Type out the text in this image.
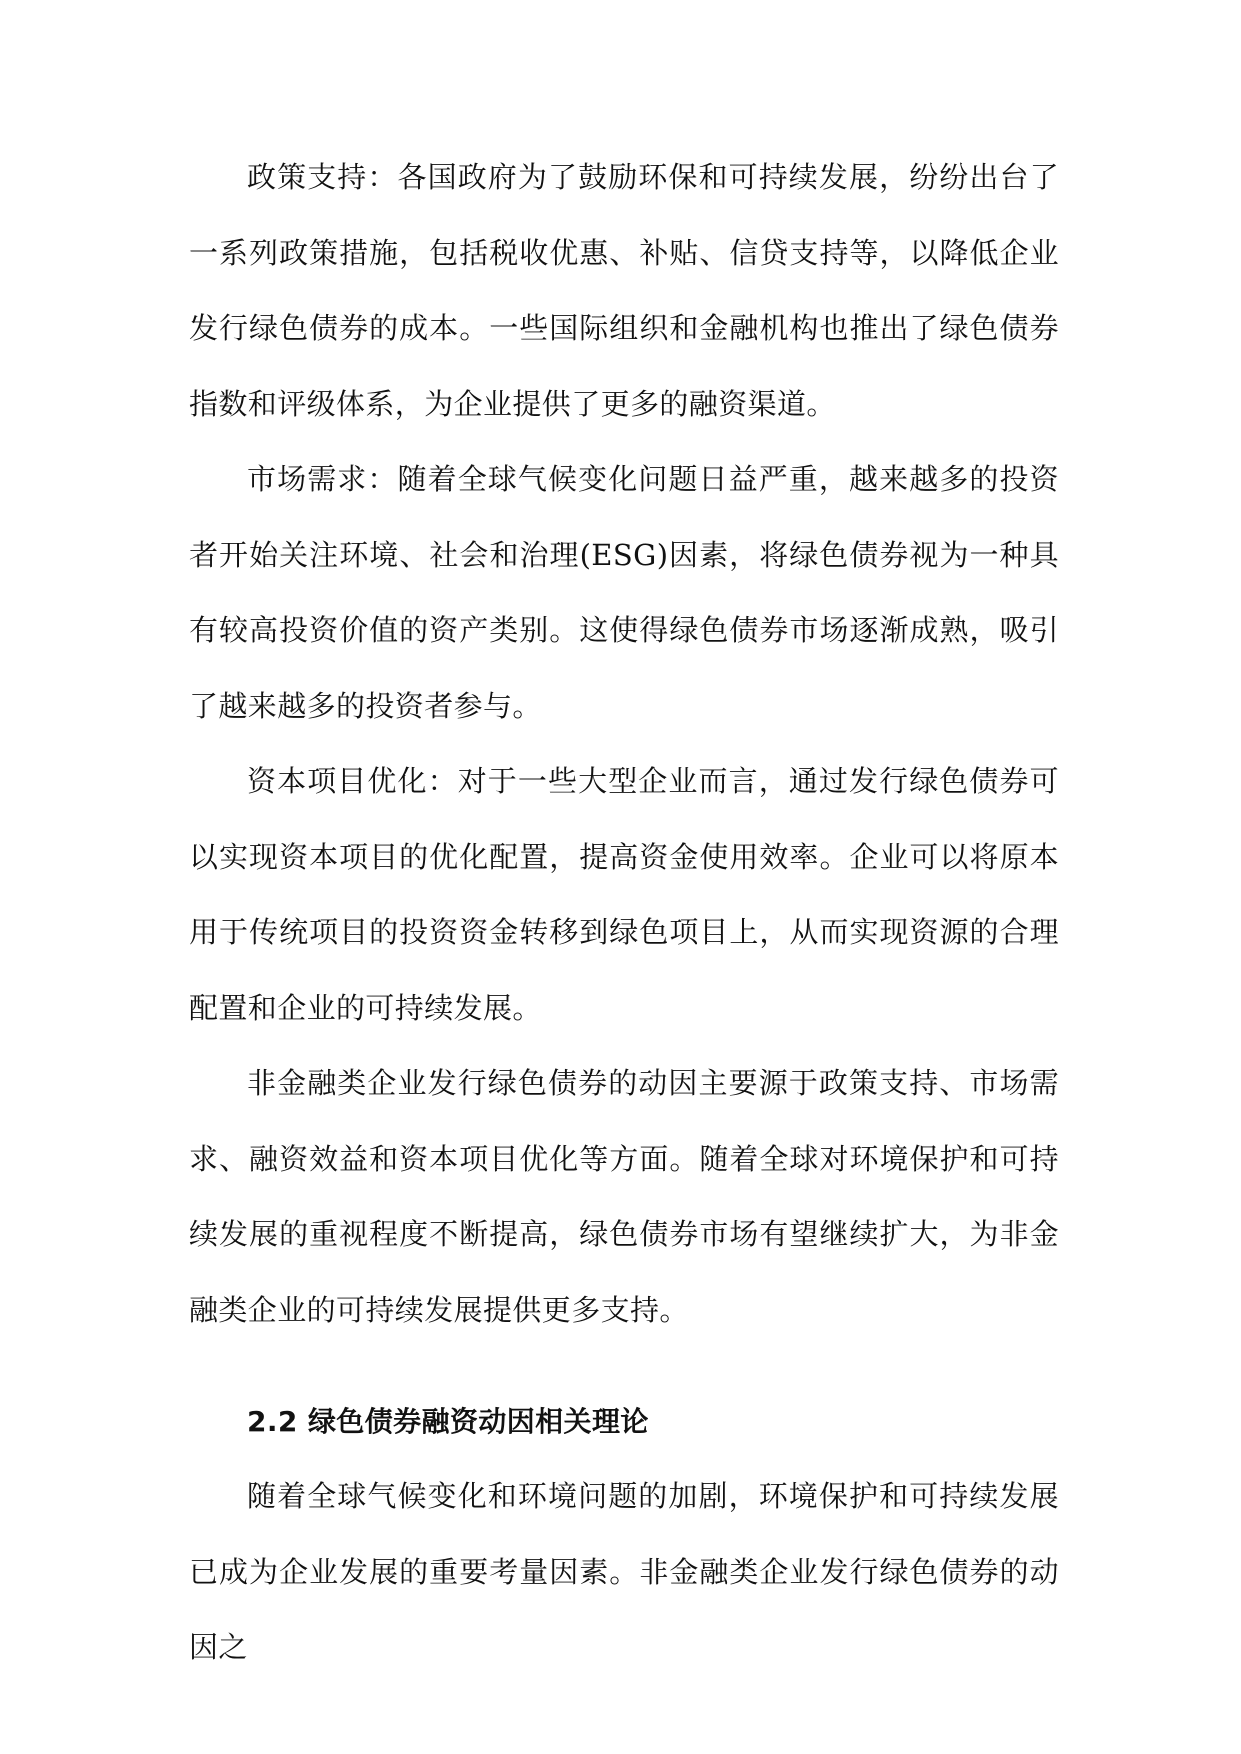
政策支持：各国政府为了鼓励环保和可持续发展，纷纷出台了一系列政策措施，包括税收优惠、补贴、信贷支持等，以降低企业发行绿色债券的成本。一些国际组织和金融机构也推出了绿色债券指数和评级体系，为企业提供了更多的融资渠道。

市场需求：随着全球气候变化问题日益严重，越来越多的投资者开始关注环境、社会和治理(ESG)因素，将绿色债券视为一种具有较高投资价值的资产类别。这使得绿色债券市场逐渐成熟，吸引了越来越多的投资者参与。

资本项目优化：对于一些大型企业而言，通过发行绿色债券可以实现资本项目的优化配置，提高资金使用效率。企业可以将原本用于传统项目的投资资金转移到绿色项目上，从而实现资源的合理配置和企业的可持续发展。

非金融类企业发行绿色债券的动因主要源于政策支持、市场需求、融资效益和资本项目优化等方面。随着全球对环境保护和可持续发展的重视程度不断提高，绿色债券市场有望继续扩大，为非金融类企业的可持续发展提供更多支持。

2.2 绿色债券融资动因相关理论

随着全球气候变化和环境问题的加剧，环境保护和可持续发展已成为企业发展的重要考量因素。非金融类企业发行绿色债券的动因之
